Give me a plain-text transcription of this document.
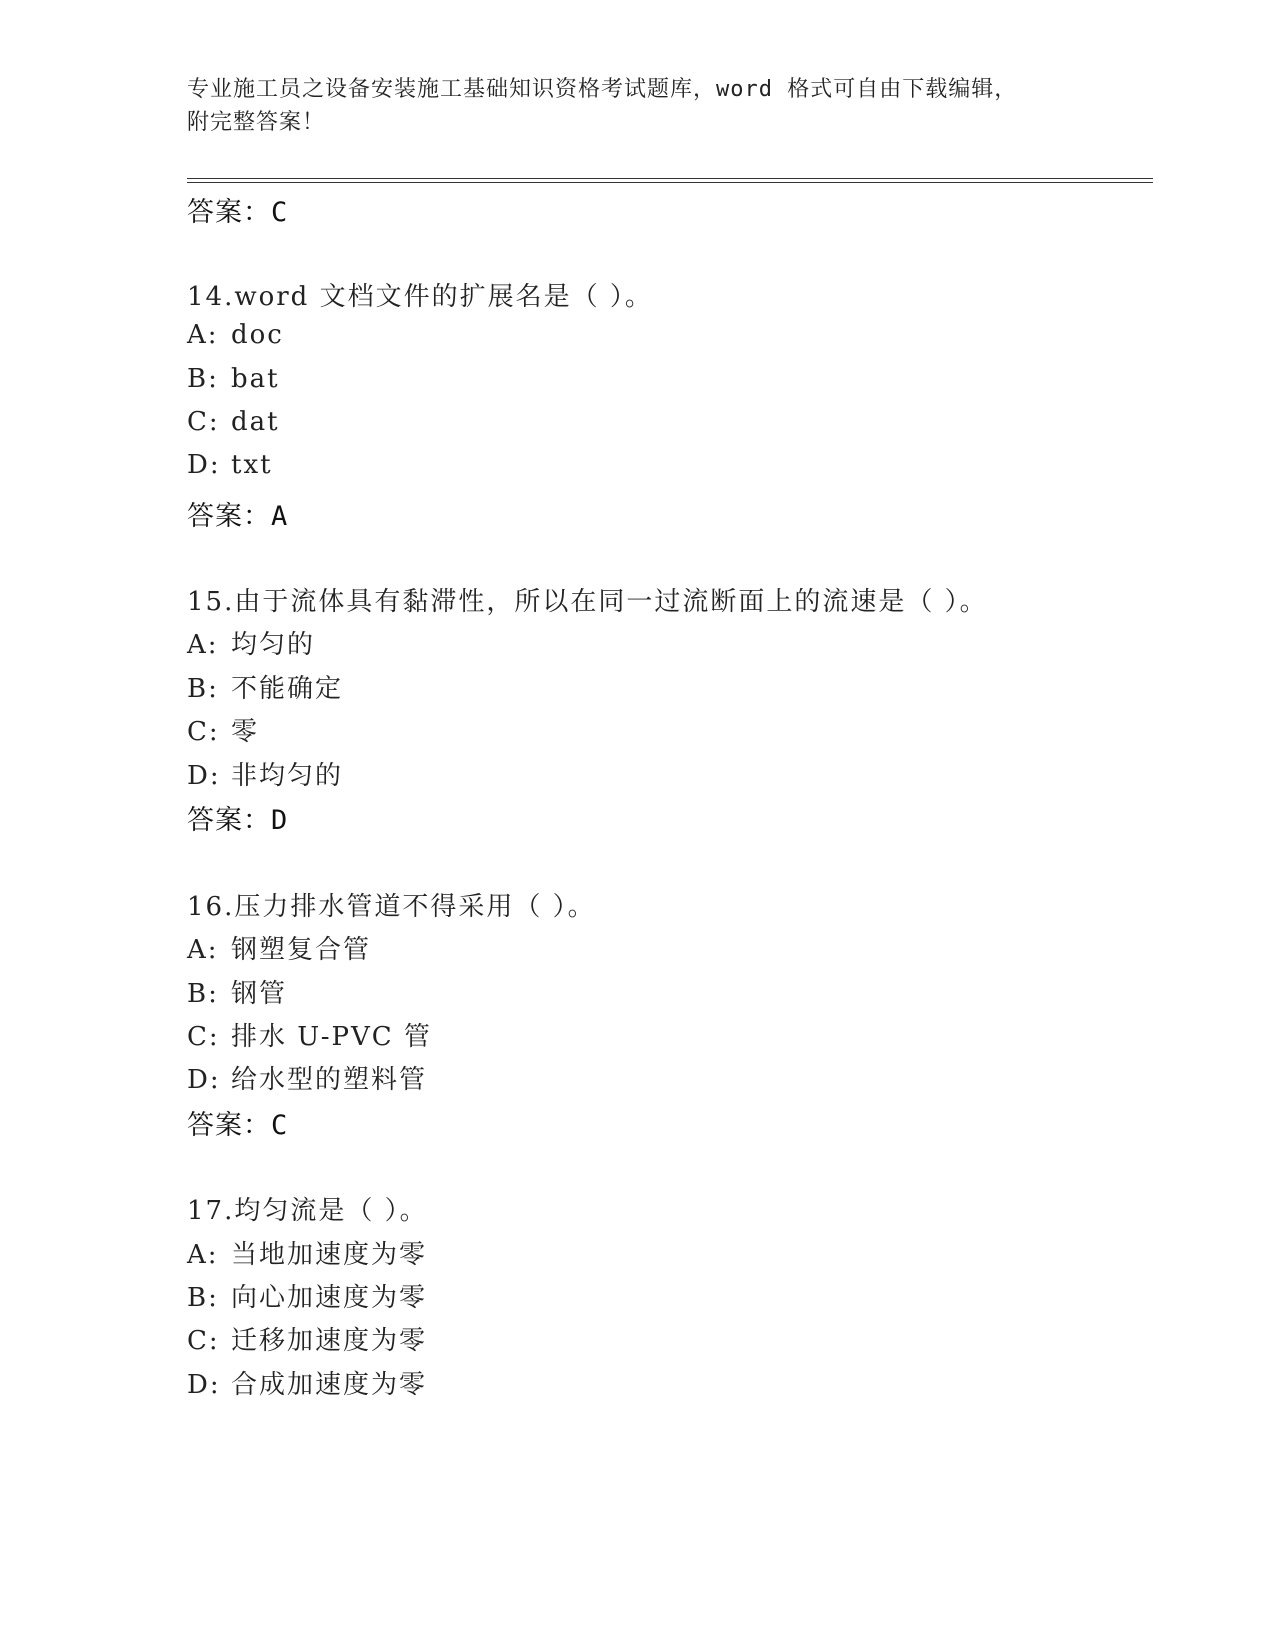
专业施工员之设备安装施工基础知识资格考试题库，word 格式可自由下载编辑，
附完整答案！
答案：C
14.word 文档文件的扩展名是（ ）。
A: doc
B: bat
C: dat
D: txt
答案：A
15.由于流体具有黏滞性，所以在同一过流断面上的流速是（ ）。
A: 均匀的
B: 不能确定
C: 零
D: 非均匀的
答案：D
16.压力排水管道不得采用（ ）。
A: 钢塑复合管
B: 钢管
C: 排水 U-PVC 管
D: 给水型的塑料管
答案：C
17.均匀流是（ ）。
A: 当地加速度为零
B: 向心加速度为零
C: 迁移加速度为零
D: 合成加速度为零
